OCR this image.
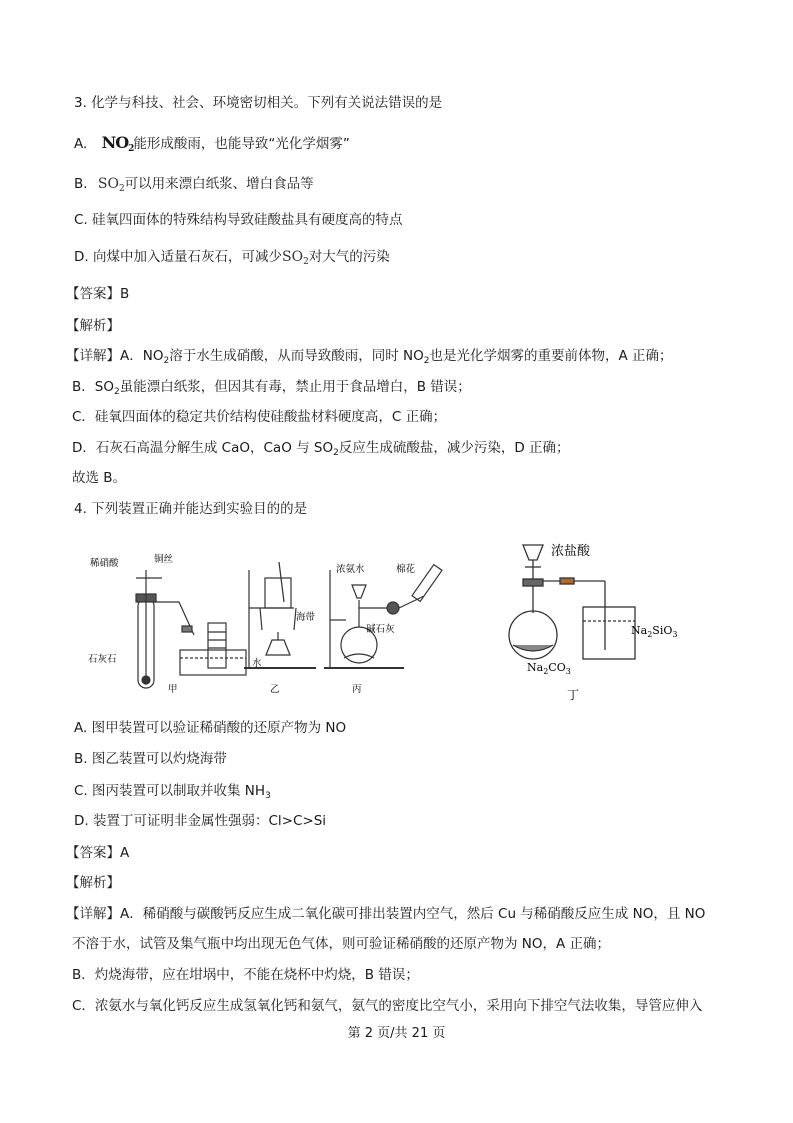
3. 化学与科技、社会、环境密切相关。下列有关说法错误的是
A. $NO_2$能形成酸雨，也能导致“光化学烟雾”
B. $SO_2$可以用来漂白纸浆、增白食品等
C. 硅氧四面体的特殊结构导致硅酸盐具有硬度高的特点
D. 向煤中加入适量石灰石，可减少$SO_2$对大气的污染
【答案】B
【解析】
【详解】A．$NO_2$溶于水生成硝酸，从而导致酸雨，同时 $NO_2$也是光化学烟雾的重要前体物，A 正确；
B．$SO_2$虽能漂白纸浆，但因其有毒，禁止用于食品增白，B 错误；
C．硅氧四面体的稳定共价结构使硅酸盐材料硬度高，C 正确；
D．石灰石高温分解生成 CaO，CaO 与 $SO_2$反应生成硫酸盐，减少污染，D 正确；
故选 B。
4. 下列装置正确并能达到实验目的的是
稀硝酸	铜丝
石灰石	水
海带
浓氨水	棉花
碱石灰
甲	乙	丙
浓盐酸
$Na_2SiO_3$
$Na_2CO_3$
丁
A. 图甲装置可以验证稀硝酸的还原产物为 NO
B. 图乙装置可以灼烧海带
C. 图丙装置可以制取并收集 $NH_3$
D. 装置丁可证明非金属性强弱：Cl>C>Si
【答案】A
【解析】
【详解】A．稀硝酸与碳酸钙反应生成二氧化碳可排出装置内空气，然后 Cu 与稀硝酸反应生成 NO，且 NO
不溶于水，试管及集气瓶中均出现无色气体，则可验证稀硝酸的还原产物为 NO，A 正确；
B．灼烧海带，应在坩埚中，不能在烧杯中灼烧，B 错误；
C．浓氨水与氧化钙反应生成氢氧化钙和氨气，氨气的密度比空气小，采用向下排空气法收集，导管应伸入
第 2 页/共 21 页
